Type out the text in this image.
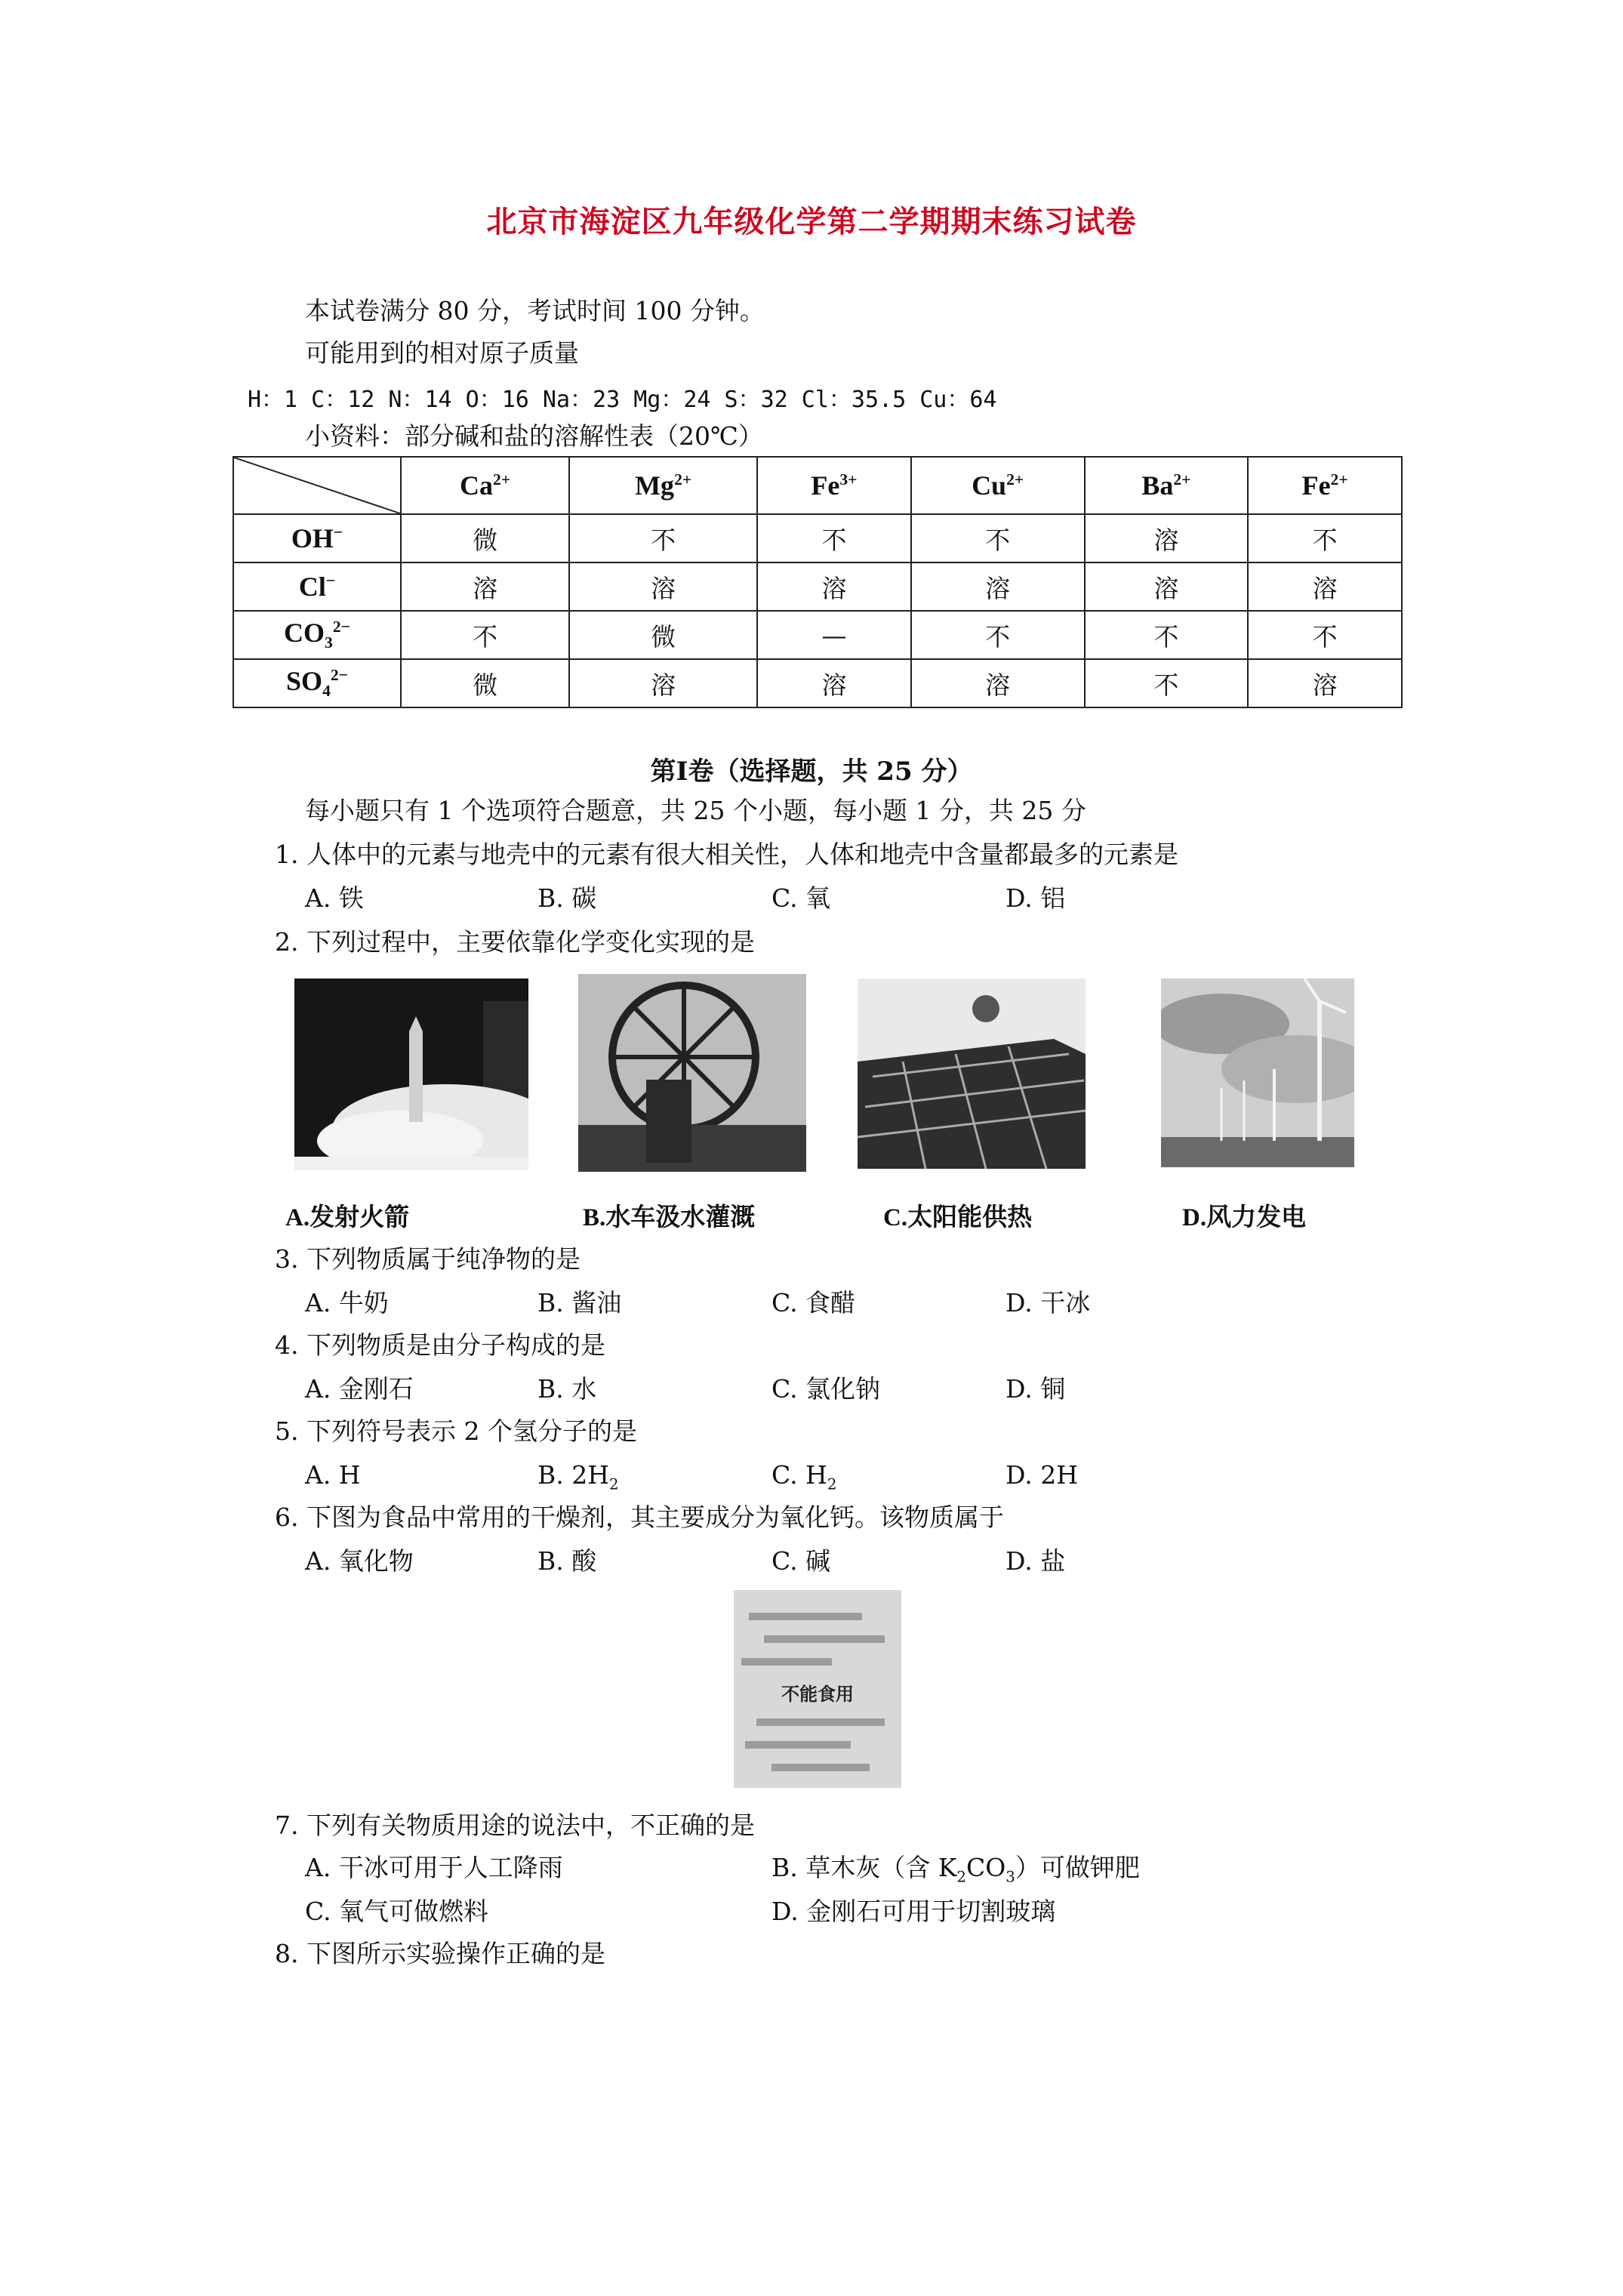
北京市海淀区九年级化学第二学期期末练习试卷
本试卷满分 80 分，考试时间 100 分钟。
可能用到的相对原子质量
H：1 C：12 N：14 O：16 Na：23 Mg：24 S：32 Cl：35.5 Cu：64
小资料：部分碱和盐的溶解性表（20℃）
	$Ca^{2+}$	$Mg^{2+}$	$Fe^{3+}$	$Cu^{2+}$	$Ba^{2+}$	$Fe^{2+}$
OH−	微	不	不	不	溶	不
Cl−	溶	溶	溶	溶	溶	溶
$CO_3^{2-}$	不	微	—	不	不	不
$SO_4^{2-}$	微	溶	溶	溶	不	溶
第Ⅰ卷（选择题，共 25 分）
每小题只有 1 个选项符合题意，共 25 个小题，每小题 1 分，共 25 分
1. 人体中的元素与地壳中的元素有很大相关性，人体和地壳中含量都最多的元素是
A. 铁	B. 碳	C. 氧	D. 铝
2. 下列过程中，主要依靠化学变化实现的是
A.发射火箭	B.水车汲水灌溉	C.太阳能供热	D.风力发电
3. 下列物质属于纯净物的是
A. 牛奶	B. 酱油	C. 食醋	D. 干冰
4. 下列物质是由分子构成的是
A. 金刚石	B. 水	C. 氯化钠	D. 铜
5. 下列符号表示 2 个氢分子的是
A. H	B. $2H_2$	C. $H_2$	D. 2H
6. 下图为食品中常用的干燥剂，其主要成分为氧化钙。该物质属于
A. 氧化物	B. 酸	C. 碱	D. 盐
不能食用
7. 下列有关物质用途的说法中，不正确的是
A. 干冰可用于人工降雨	B. 草木灰（含 $K_2CO_3$）可做钾肥
C. 氧气可做燃料	D. 金刚石可用于切割玻璃
8. 下图所示实验操作正确的是
